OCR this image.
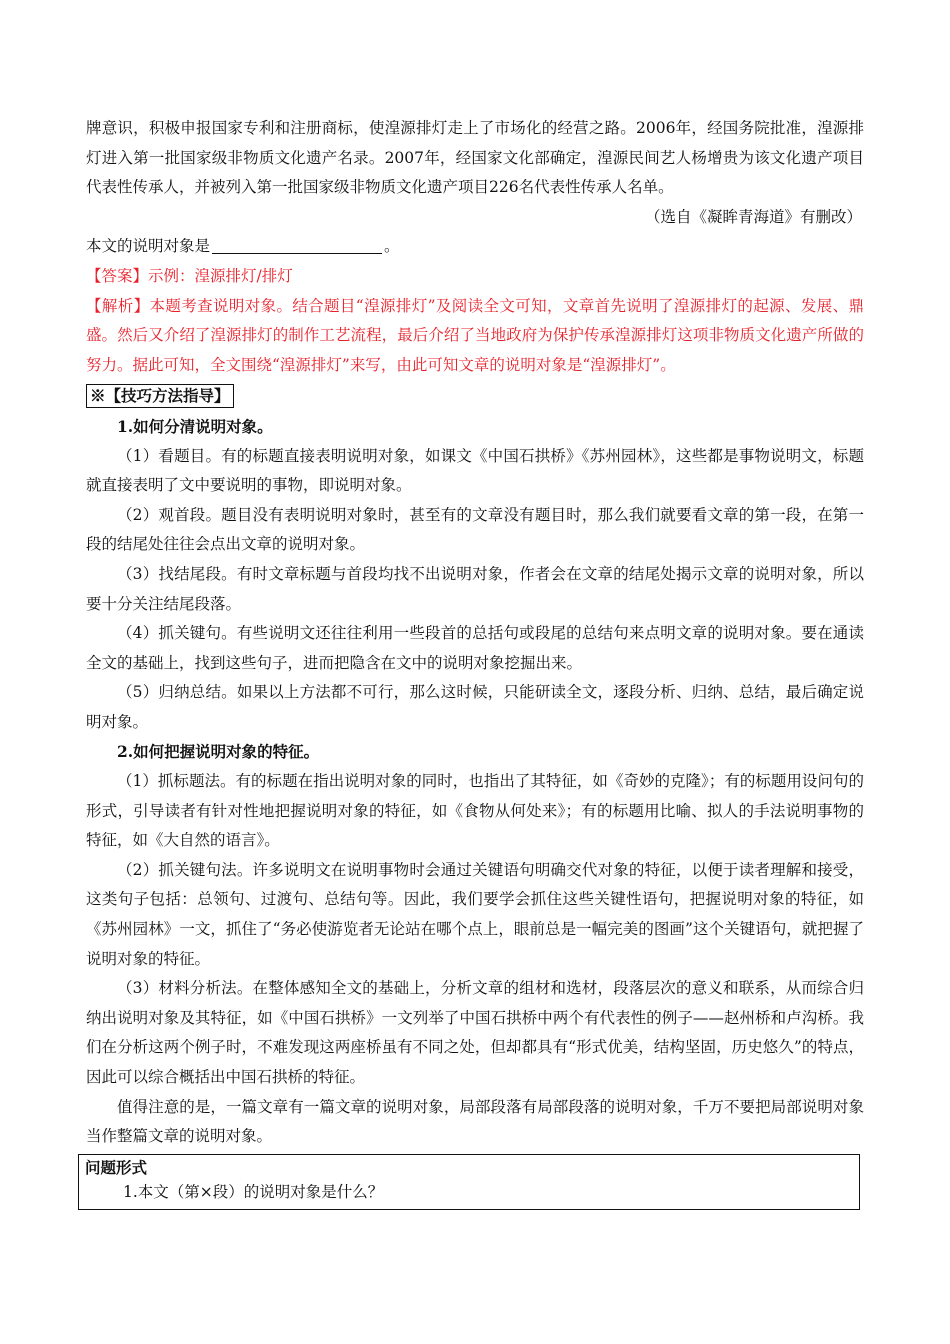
牌意识，积极申报国家专利和注册商标，使湟源排灯走上了市场化的经营之路。2006年，经国务院批准，湟源排灯进入第一批国家级非物质文化遗产名录。2007年，经国家文化部确定，湟源民间艺人杨增贵为该文化遗产项目代表性传承人，并被列入第一批国家级非物质文化遗产项目226名代表性传承人名单。

（选自《凝眸青海道》有删改）

本文的说明对象是	。

【答案】示例：湟源排灯/排灯

【解析】本题考查说明对象。结合题目“湟源排灯”及阅读全文可知，文章首先说明了湟源排灯的起源、发展、鼎盛。然后又介绍了湟源排灯的制作工艺流程，最后介绍了当地政府为保护传承湟源排灯这项非物质文化遗产所做的努力。据此可知，全文围绕“湟源排灯”来写，由此可知文章的说明对象是“湟源排灯”。

※【技巧方法指导】

1.如何分清说明对象。

（1）看题目。有的标题直接表明说明对象，如课文《中国石拱桥》《苏州园林》，这些都是事物说明文，标题就直接表明了文中要说明的事物，即说明对象。

（2）观首段。题目没有表明说明对象时，甚至有的文章没有题目时，那么我们就要看文章的第一段，在第一段的结尾处往往会点出文章的说明对象。

（3）找结尾段。有时文章标题与首段均找不出说明对象，作者会在文章的结尾处揭示文章的说明对象，所以要十分关注结尾段落。

（4）抓关键句。有些说明文还往往利用一些段首的总括句或段尾的总结句来点明文章的说明对象。要在通读全文的基础上，找到这些句子，进而把隐含在文中的说明对象挖掘出来。

（5）归纳总结。如果以上方法都不可行，那么这时候，只能研读全文，逐段分析、归纳、总结，最后确定说明对象。

2.如何把握说明对象的特征。

（1）抓标题法。有的标题在指出说明对象的同时，也指出了其特征，如《奇妙的克隆》；有的标题用设问句的形式，引导读者有针对性地把握说明对象的特征，如《食物从何处来》；有的标题用比喻、拟人的手法说明事物的特征，如《大自然的语言》。

（2）抓关键句法。许多说明文在说明事物时会通过关键语句明确交代对象的特征，以便于读者理解和接受，这类句子包括：总领句、过渡句、总结句等。因此，我们要学会抓住这些关键性语句，把握说明对象的特征，如《苏州园林》一文，抓住了“务必使游览者无论站在哪个点上，眼前总是一幅完美的图画”这个关键语句，就把握了说明对象的特征。

（3）材料分析法。在整体感知全文的基础上，分析文章的组材和选材，段落层次的意义和联系，从而综合归纳出说明对象及其特征，如《中国石拱桥》一文列举了中国石拱桥中两个有代表性的例子——赵州桥和卢沟桥。我们在分析这两个例子时，不难发现这两座桥虽有不同之处，但却都具有“形式优美，结构坚固，历史悠久”的特点，因此可以综合概括出中国石拱桥的特征。

值得注意的是，一篇文章有一篇文章的说明对象，局部段落有局部段落的说明对象，千万不要把局部说明对象当作整篇文章的说明对象。

问题形式
1.本文（第×段）的说明对象是什么？
